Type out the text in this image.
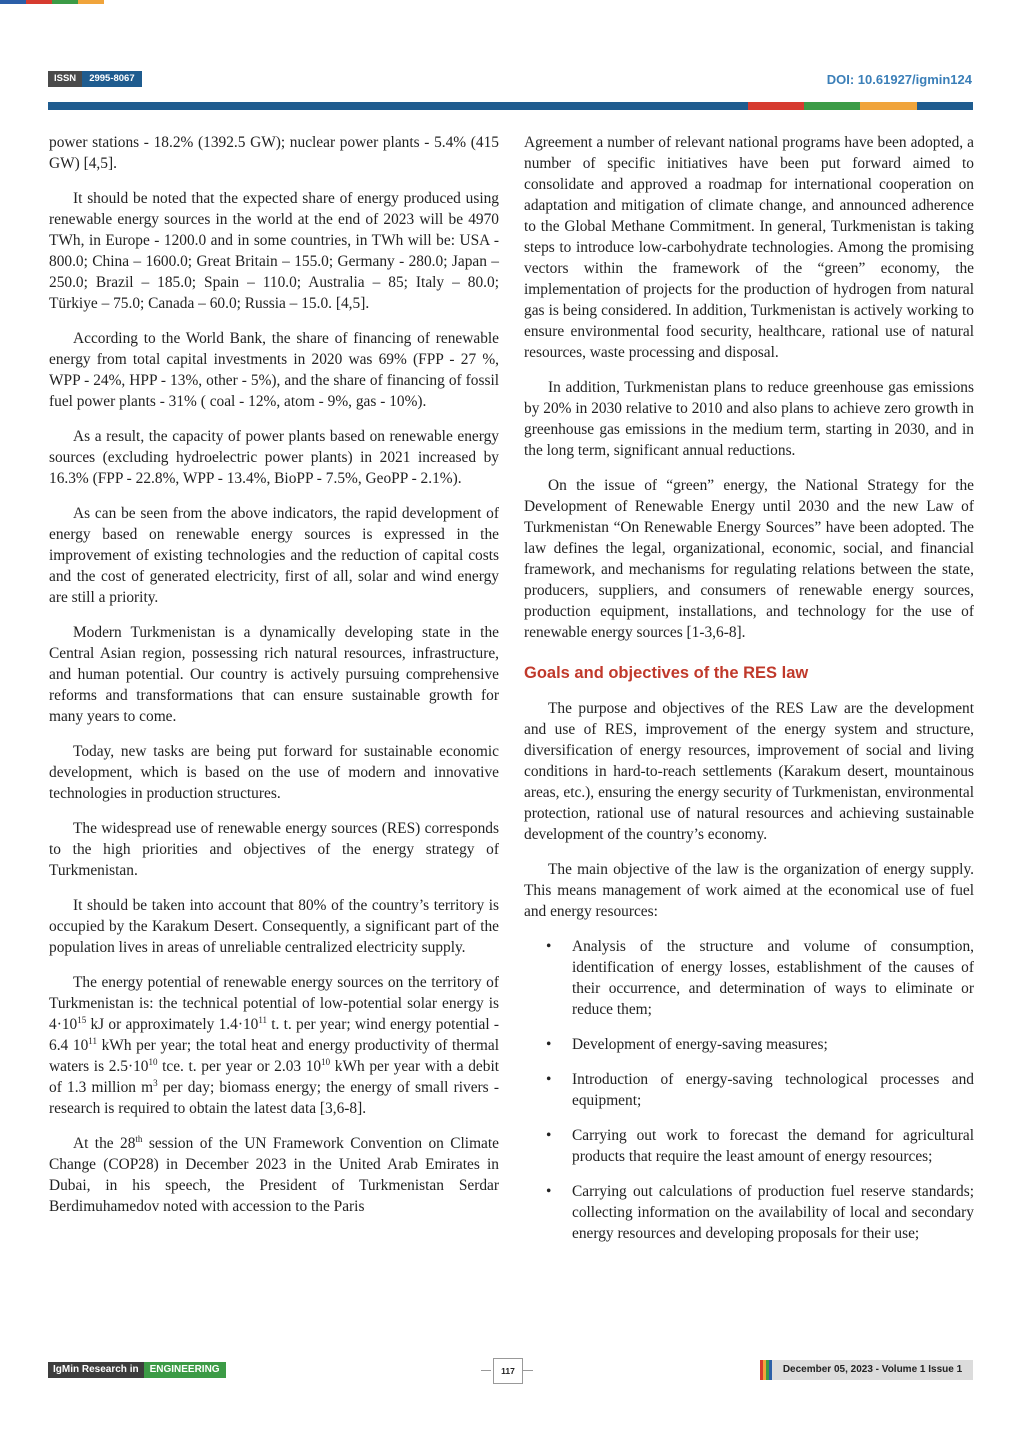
ISSN	2995-8067	DOI: 10.61927/igmin124

power stations - 18.2% (1392.5 GW); nuclear power plants - 5.4% (415 GW) [4,5].

It should be noted that the expected share of energy produced using renewable energy sources in the world at the end of 2023 will be 4970 TWh, in Europe - 1200.0 and in some countries, in TWh will be: USA - 800.0; China – 1600.0; Great Britain – 155.0; Germany - 280.0; Japan – 250.0; Brazil – 185.0; Spain – 110.0; Australia – 85; Italy – 80.0; Türkiye – 75.0; Canada – 60.0; Russia – 15.0. [4,5].

According to the World Bank, the share of financing of renewable energy from total capital investments in 2020 was 69% (FPP - 27 %, WPP - 24%, HPP - 13%, other - 5%), and the share of financing of fossil fuel power plants - 31% ( coal - 12%, atom - 9%, gas - 10%).

As a result, the capacity of power plants based on renewable energy sources (excluding hydroelectric power plants) in 2021 increased by 16.3% (FPP - 22.8%, WPP - 13.4%, BioPP - 7.5%, GeoPP - 2.1%).

As can be seen from the above indicators, the rapid development of energy based on renewable energy sources is expressed in the improvement of existing technologies and the reduction of capital costs and the cost of generated electricity, first of all, solar and wind energy are still a priority.

Modern Turkmenistan is a dynamically developing state in the Central Asian region, possessing rich natural resources, infrastructure, and human potential. Our country is actively pursuing comprehensive reforms and transformations that can ensure sustainable growth for many years to come.

Today, new tasks are being put forward for sustainable economic development, which is based on the use of modern and innovative technologies in production structures.

The widespread use of renewable energy sources (RES) corresponds to the high priorities and objectives of the energy strategy of Turkmenistan.

It should be taken into account that 80% of the country’s territory is occupied by the Karakum Desert. Consequently, a significant part of the population lives in areas of unreliable centralized electricity supply.

The energy potential of renewable energy sources on the territory of Turkmenistan is: the technical potential of low-potential solar energy is $4\cdot 10^{15}$ kJ or approximately $1.4\cdot 10^{11}$ t. t. per year; wind energy potential - 6.4 $10^{11}$ kWh per year; the total heat and energy productivity of thermal waters is $2.5\cdot 10^{10}$ tce. t. per year or 2.03 $10^{10}$ kWh per year with a debit of 1.3 million $m^3$ per day; biomass energy; the energy of small rivers - research is required to obtain the latest data [3,6-8].

At the 28th session of the UN Framework Convention on Climate Change (COP28) in December 2023 in the United Arab Emirates in Dubai, in his speech, the President of Turkmenistan Serdar Berdimuhamedov noted with accession to the Paris

Agreement a number of relevant national programs have been adopted, a number of specific initiatives have been put forward aimed to consolidate and approved a roadmap for international cooperation on adaptation and mitigation of climate change, and announced adherence to the Global Methane Commitment. In general, Turkmenistan is taking steps to introduce low-carbohydrate technologies. Among the promising vectors within the framework of the “green” economy, the implementation of projects for the production of hydrogen from natural gas is being considered. In addition, Turkmenistan is actively working to ensure environmental food security, healthcare, rational use of natural resources, waste processing and disposal.

In addition, Turkmenistan plans to reduce greenhouse gas emissions by 20% in 2030 relative to 2010 and also plans to achieve zero growth in greenhouse gas emissions in the medium term, starting in 2030, and in the long term, significant annual reductions.

On the issue of “green” energy, the National Strategy for the Development of Renewable Energy until 2030 and the new Law of Turkmenistan “On Renewable Energy Sources” have been adopted. The law defines the legal, organizational, economic, social, and financial framework, and mechanisms for regulating relations between the state, producers, suppliers, and consumers of renewable energy sources, production equipment, installations, and technology for the use of renewable energy sources [1-3,6-8].

Goals and objectives of the RES law

The purpose and objectives of the RES Law are the development and use of RES, improvement of the energy system and structure, diversification of energy resources, improvement of social and living conditions in hard-to-reach settlements (Karakum desert, mountainous areas, etc.), ensuring the energy security of Turkmenistan, environmental protection, rational use of natural resources and achieving sustainable development of the country’s economy.

The main objective of the law is the organization of energy supply. This means management of work aimed at the economical use of fuel and energy resources:

• Analysis of the structure and volume of consumption, identification of energy losses, establishment of the causes of their occurrence, and determination of ways to eliminate or reduce them;
• Development of energy-saving measures;
• Introduction of energy-saving technological processes and equipment;
• Carrying out work to forecast the demand for agricultural products that require the least amount of energy resources;
• Carrying out calculations of production fuel reserve standards; collecting information on the availability of local and secondary energy resources and developing proposals for their use;
IgMin Research in	ENGINEERING	117	December 05, 2023 - Volume 1 Issue 1
